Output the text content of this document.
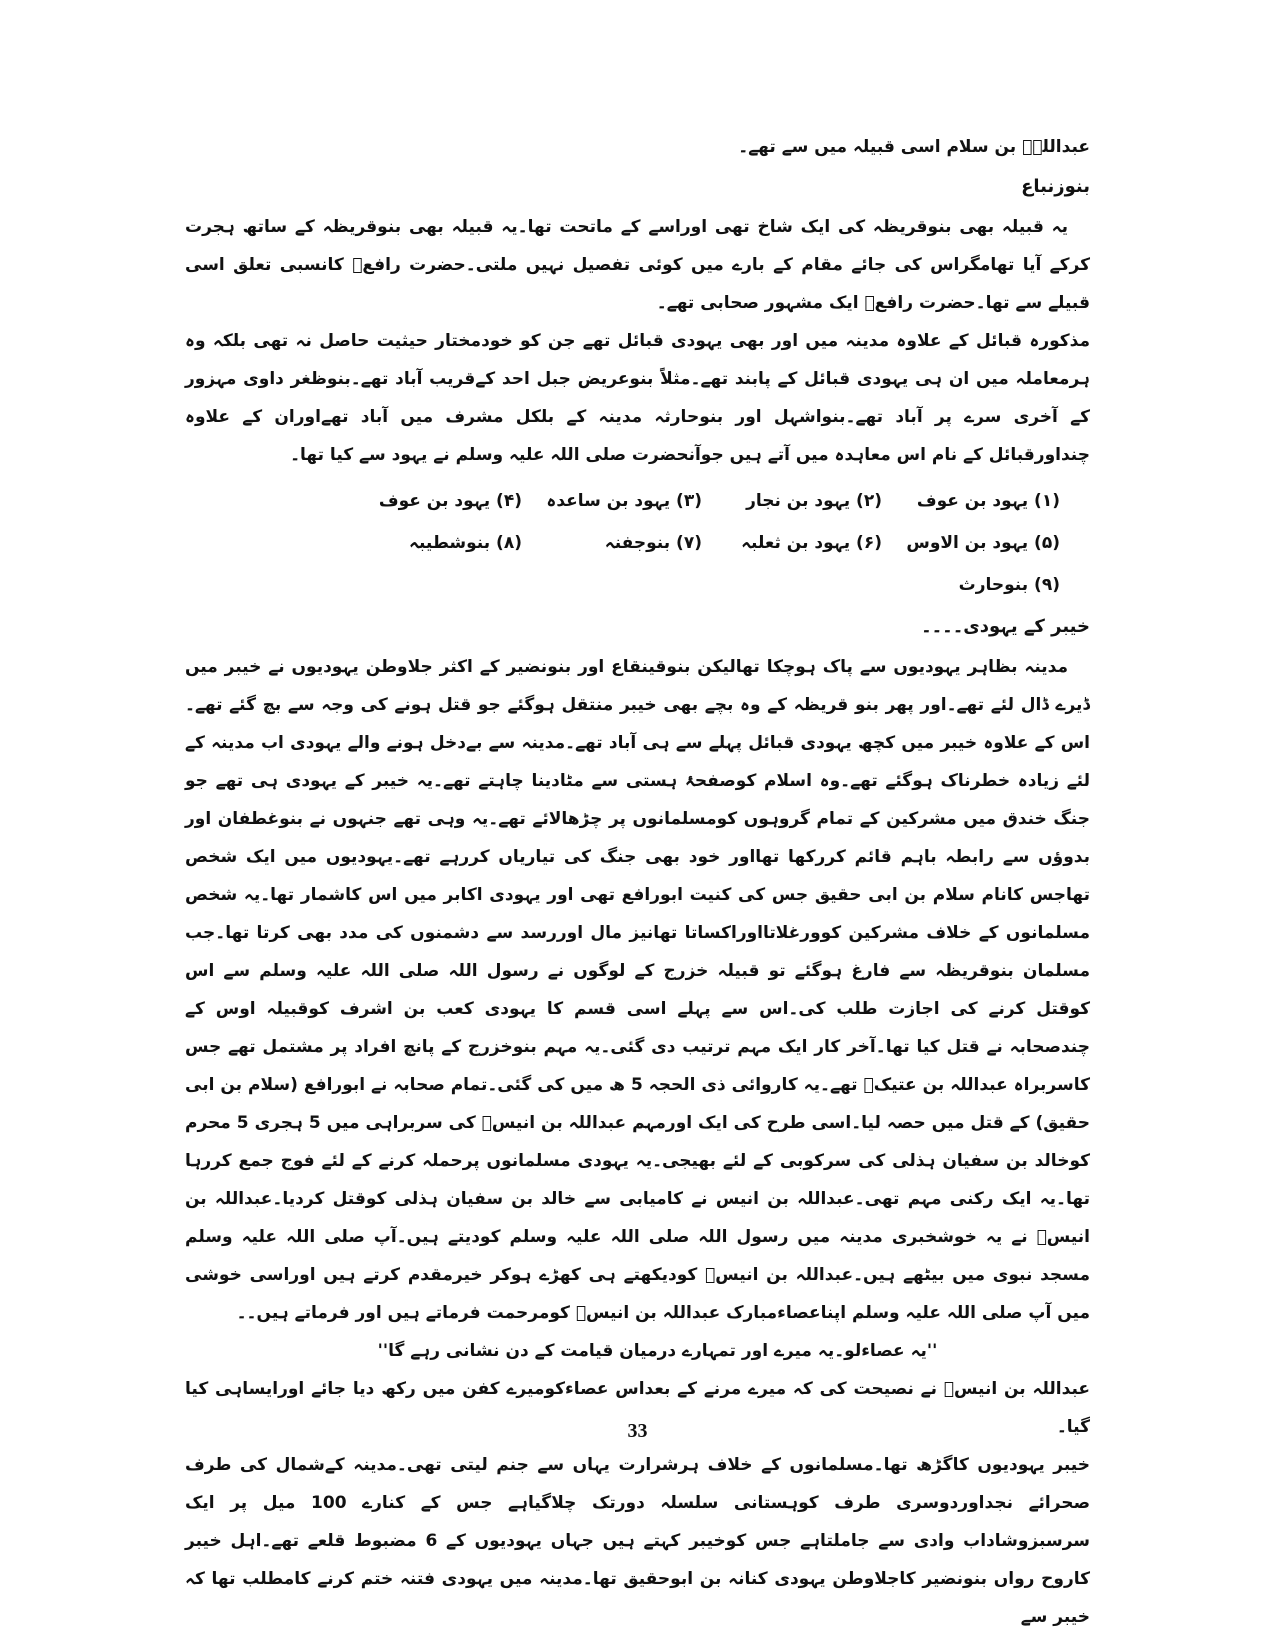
عبداللہؓ بن سلام اسی قبیلہ میں سے تھے۔

بنوزنباع

یہ قبیلہ بھی بنوقریظہ کی ایک شاخ تھی اوراسے کے ماتحت تھا۔یہ قبیلہ بھی بنوقریظہ کے ساتھ ہجرت کرکے آیا تھامگراس کی جائے مقام کے بارے میں کوئی تفصیل نہیں ملتی۔حضرت رافعؓ کانسبی تعلق اسی قبیلے سے تھا۔حضرت رافعؓ ایک مشہور صحابی تھے۔

مذکورہ قبائل کے علاوہ مدینہ میں اور بھی یہودی قبائل تھے جن کو خودمختار حیثیت حاصل نہ تھی بلکہ وہ ہرمعاملہ میں ان ہی یہودی قبائل کے پابند تھے۔مثلاً بنوعریض جبل احد کےقریب آباد تھے۔بنوظغر داوی مہزور کے آخری سرے پر آباد تھے۔بنواشہل اور بنوحارثہ مدینہ کے بلکل مشرف میں آباد تھےاوران کے علاوہ چنداورقبائل کے نام اس معاہدہ میں آتے ہیں جوآنحضرت صلی اللہ علیہ وسلم نے یہود سے کیا تھا۔

(۱) یہود بن عوف
(۲) یہود بن نجار
(۳) یہود بن ساعدہ
(۴) یہود بن عوف
(۵) یہود بن الاوس
(۶) یہود بن ثعلبہ
(۷) بنوجفنہ
(۸) بنوشطیبہ
(۹) بنوحارث

خیبر کے یہودی۔۔۔۔

مدینہ بظاہر یہودیوں سے پاک ہوچکا تھالیکن بنوقینقاع اور بنونضیر کے اکثر جلاوطن یہودیوں نے خیبر میں ڈیرے ڈال لئے تھے۔اور پھر بنو قریظہ کے وہ بچے بھی خیبر منتقل ہوگئے جو قتل ہونے کی وجہ سے بچ گئے تھے۔اس کے علاوہ خیبر میں کچھ یہودی قبائل پہلے سے ہی آباد تھے۔مدینہ سے بےدخل ہونے والے یہودی اب مدینہ کے لئے زیادہ خطرناک ہوگئے تھے۔وہ اسلام کوصفحۂ ہستی سے مٹادینا چاہتے تھے۔یہ خیبر کے یہودی ہی تھے جو جنگ خندق میں مشرکین کے تمام گروہوں کومسلمانوں پر چڑھالائے تھے۔یہ وہی تھے جنہوں نے بنوغطفان اور بدوؤں سے رابطہ باہم قائم کررکھا تھااور خود بھی جنگ کی تیاریاں کررہے تھے۔یہودیوں میں ایک شخص تھاجس کانام سلام بن ابی حقیق جس کی کنیت ابورافع تھی اور یہودی اکابر میں اس کاشمار تھا۔یہ شخص مسلمانوں کے خلاف مشرکین کوورغلاتااوراکساتا تھانیز مال اوررسد سے دشمنوں کی مدد بھی کرتا تھا۔جب مسلمان بنوقریظہ سے فارغ ہوگئے تو قبیلہ خزرج کے لوگوں نے رسول اللہ صلی اللہ علیہ وسلم سے اس کوقتل کرنے کی اجازت طلب کی۔اس سے پہلے اسی قسم کا یہودی کعب بن اشرف کوقبیلہ اوس کے چندصحابہ نے قتل کیا تھا۔آخر کار ایک مہم ترتیب دی گئی۔یہ مہم بنوخزرج کے پانچ افراد پر مشتمل تھے جس کاسربراہ عبداللہ بن عتیکؓ تھے۔یہ کاروائی ذی الحجہ 5 ھ میں کی گئی۔تمام صحابہ نے ابورافع (سلام بن ابی حقیق) کے قتل میں حصہ لیا۔اسی طرح کی ایک اورمہم عبداللہ بن انیسؓ کی سربراہی میں 5 ہجری 5 محرم کوخالد بن سفیان ہذلی کی سرکوبی کے لئے بھیجی۔یہ یہودی مسلمانوں پرحملہ کرنے کے لئے فوج جمع کررہا تھا۔یہ ایک رکنی مہم تھی۔عبداللہ بن انیس نے کامیابی سے خالد بن سفیان ہذلی کوقتل کردیا۔عبداللہ بن انیسؓ نے یہ خوشخبری مدینہ میں رسول اللہ صلی اللہ علیہ وسلم کودیتے ہیں۔آپ صلی اللہ علیہ وسلم مسجد نبوی میں بیٹھے ہیں۔عبداللہ بن انیسؓ کودیکھتے ہی کھڑے ہوکر خیرمقدم کرتے ہیں اوراسی خوشی میں آپ صلی اللہ علیہ وسلم اپناعصاءمبارک عبداللہ بن انیسؓ کومرحمت فرماتے ہیں اور فرماتے ہیں۔۔

''یہ عصاءلو۔یہ میرے اور تمہارے درمیان قیامت کے دن نشانی رہے گا''

عبداللہ بن انیسؓ نے نصیحت کی کہ میرے مرنے کے بعداس عصاءکومیرے کفن میں رکھ دیا جائے اورایساہی کیا گیا۔

خیبر یہودیوں کاگڑھ تھا۔مسلمانوں کے خلاف ہرشرارت یہاں سے جنم لیتی تھی۔مدینہ کےشمال کی طرف صحرائے نجداوردوسری طرف کوہستانی سلسلہ دورتک چلاگیاہے جس کے کنارے 100 میل پر ایک سرسبزوشاداب وادی سے جاملتاہے جس کوخیبر کہتے ہیں جہاں یہودیوں کے 6 مضبوط قلعے تھے۔اہل خیبر کاروح رواں بنونضیر کاجلاوطن یہودی کنانہ بن ابوحقیق تھا۔مدینہ میں یہودی فتنہ ختم کرنے کامطلب تھا کہ خیبر سے

33
